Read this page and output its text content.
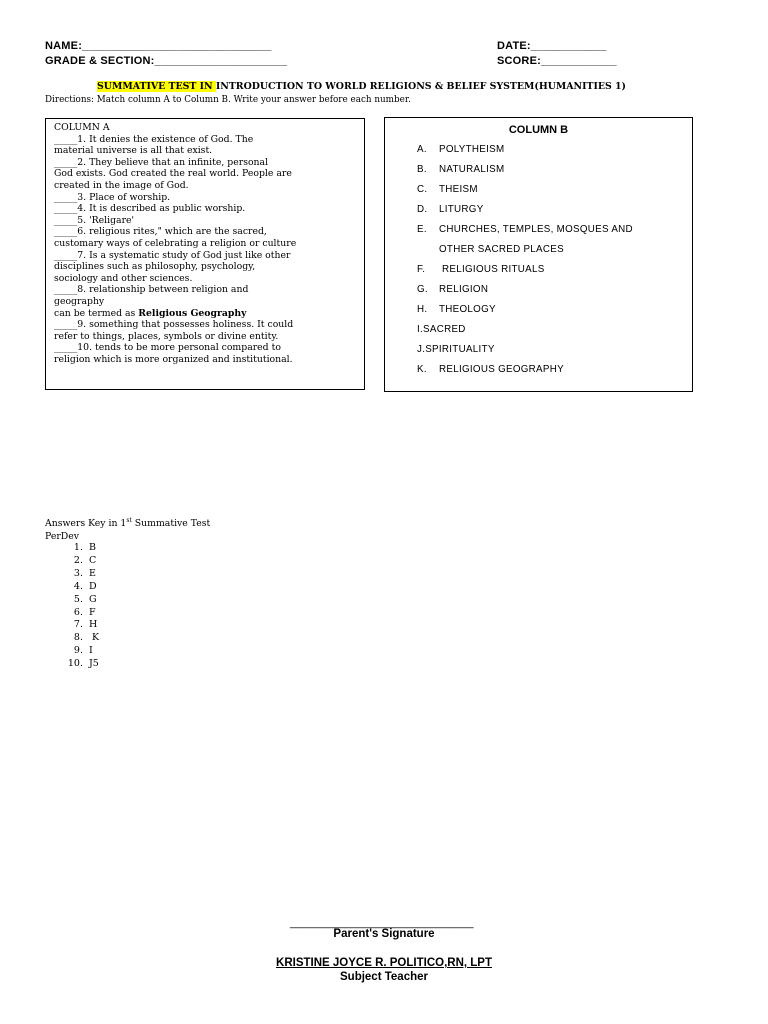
NAME:______________________________
GRADE & SECTION:_____________________
DATE:____________
SCORE:____________
SUMMATIVE TEST IN INTRODUCTION TO WORLD RELIGIONS & BELIEF SYSTEM(HUMANITIES 1)
Directions: Match column A to Column B. Write your answer before each number.
COLUMN A
_____1. It denies the existence of God. The
material universe is all that exist.
_____2. They believe that an infinite, personal
God exists. God created the real world. People are
created in the image of God.
_____3. Place of worship.
_____4. It is described as public worship.
_____5. 'Religare'
_____6. religious rites," which are the sacred,
customary ways of celebrating a religion or culture
_____7. Is a systematic study of God just like other
disciplines such as philosophy, psychology,
sociology and other sciences.
_____8. relationship between religion and
geography
can be termed as Religious Geography
_____9. something that possesses holiness. It could
refer to things, places, symbols or divine entity.
_____10. tends to be more personal compared to
religion which is more organized and institutional.
COLUMN B
A. POLYTHEISM
B. NATURALISM
C. THEISM
D. LITURGY
E. CHURCHES, TEMPLES, MOSQUES AND
OTHER SACRED PLACES
F. RELIGIOUS RITUALS
G. RELIGION
H. THEOLOGY
I.SACRED
J.SPIRITUALITY
K. RELIGIOUS GEOGRAPHY
Answers Key in 1st Summative Test
PerDev
1. B
2. C
3. E
4. D
5. G
6. F
7. H
8. K
9. I
10. J5
______________________________
Parent's Signature
KRISTINE JOYCE R. POLITICO,RN, LPT
Subject Teacher
